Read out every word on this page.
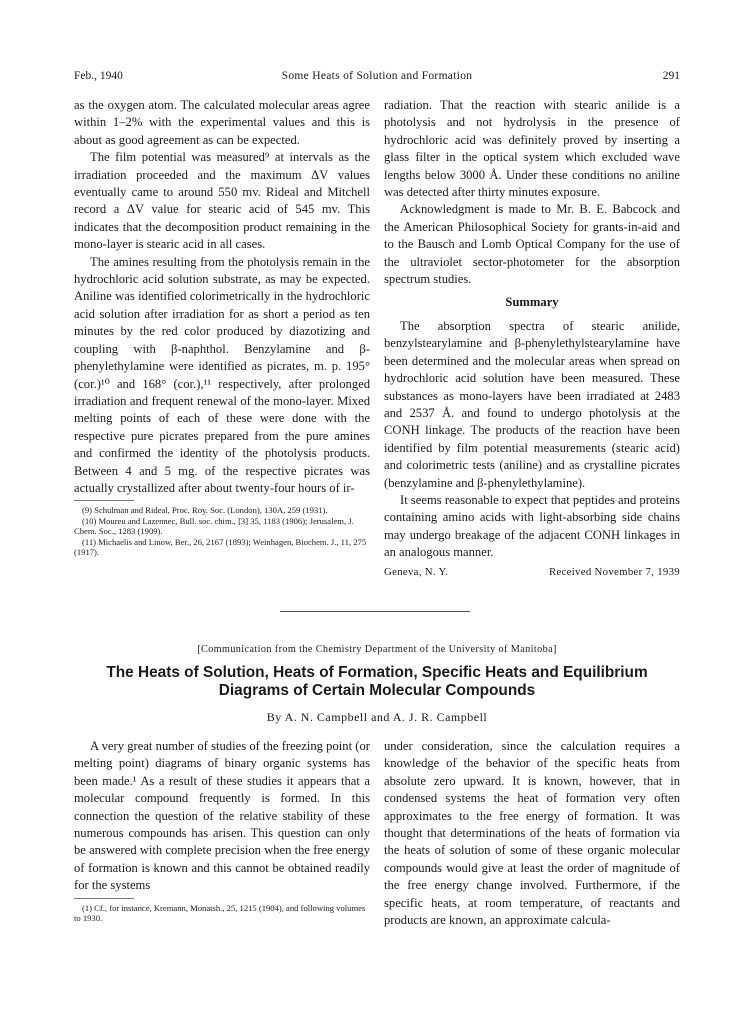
Feb., 1940	Some Heats of Solution and Formation	291

as the oxygen atom. The calculated molecular areas agree within 1–2% with the experimental values and this is about as good agreement as can be expected.

The film potential was measured⁹ at intervals as the irradiation proceeded and the maximum ΔV values eventually came to around 550 mv. Rideal and Mitchell record a ΔV value for stearic acid of 545 mv. This indicates that the decomposition product remaining in the mono-layer is stearic acid in all cases.

The amines resulting from the photolysis remain in the hydrochloric acid solution substrate, as may be expected. Aniline was identified colorimetrically in the hydrochloric acid solution after irradiation for as short a period as ten minutes by the red color produced by diazotizing and coupling with β-naphthol. Benzylamine and β-phenylethylamine were identified as picrates, m. p. 195° (cor.)¹⁰ and 168° (cor.),¹¹ respectively, after prolonged irradiation and frequent renewal of the mono-layer. Mixed melting points of each of these were done with the respective pure picrates prepared from the pure amines and confirmed the identity of the photolysis products. Between 4 and 5 mg. of the respective picrates was actually crystallized after about twenty-four hours of ir-

(9) Schulman and Rideal, Proc. Roy. Soc. (London), 130A, 259 (1931).

(10) Moureu and Lazennec, Bull. soc. chim., [3] 35, 1183 (1906); Jerusalem, J. Chem. Soc., 1283 (1909).

(11) Michaelis and Linow, Ber., 26, 2167 (1893); Weinhagen, Biochem. J., 11, 275 (1917).

radiation. That the reaction with stearic anilide is a photolysis and not hydrolysis in the presence of hydrochloric acid was definitely proved by inserting a glass filter in the optical system which excluded wave lengths below 3000 Å. Under these conditions no aniline was detected after thirty minutes exposure.

Acknowledgment is made to Mr. B. E. Babcock and the American Philosophical Society for grants-in-aid and to the Bausch and Lomb Optical Company for the use of the ultraviolet sector-photometer for the absorption spectrum studies.

Summary

The absorption spectra of stearic anilide, benzylstearylamine and β-phenylethylstearylamine have been determined and the molecular areas when spread on hydrochloric acid solution have been measured. These substances as mono-layers have been irradiated at 2483 and 2537 Å. and found to undergo photolysis at the CONH linkage. The products of the reaction have been identified by film potential measurements (stearic acid) and colorimetric tests (aniline) and as crystalline picrates (benzylamine and β-phenylethylamine).

It seems reasonable to expect that peptides and proteins containing amino acids with light-absorbing side chains may undergo breakage of the adjacent CONH linkages in an analogous manner.

Geneva, N. Y.	Received November 7, 1939
[Communication from the Chemistry Department of the University of Manitoba]
The Heats of Solution, Heats of Formation, Specific Heats and Equilibrium Diagrams of Certain Molecular Compounds
By A. N. Campbell and A. J. R. Campbell

A very great number of studies of the freezing point (or melting point) diagrams of binary organic systems has been made.¹ As a result of these studies it appears that a molecular compound frequently is formed. In this connection the question of the relative stability of these numerous compounds has arisen. This question can only be answered with complete precision when the free energy of formation is known and this cannot be obtained readily for the systems

(1) Cf., for instance, Kremann, Monatsh., 25, 1215 (1904), and following volumes to 1930.

under consideration, since the calculation requires a knowledge of the behavior of the specific heats from absolute zero upward. It is known, however, that in condensed systems the heat of formation very often approximates to the free energy of formation. It was thought that determinations of the heats of formation via the heats of solution of some of these organic molecular compounds would give at least the order of magnitude of the free energy change involved. Furthermore, if the specific heats, at room temperature, of reactants and products are known, an approximate calcula-
